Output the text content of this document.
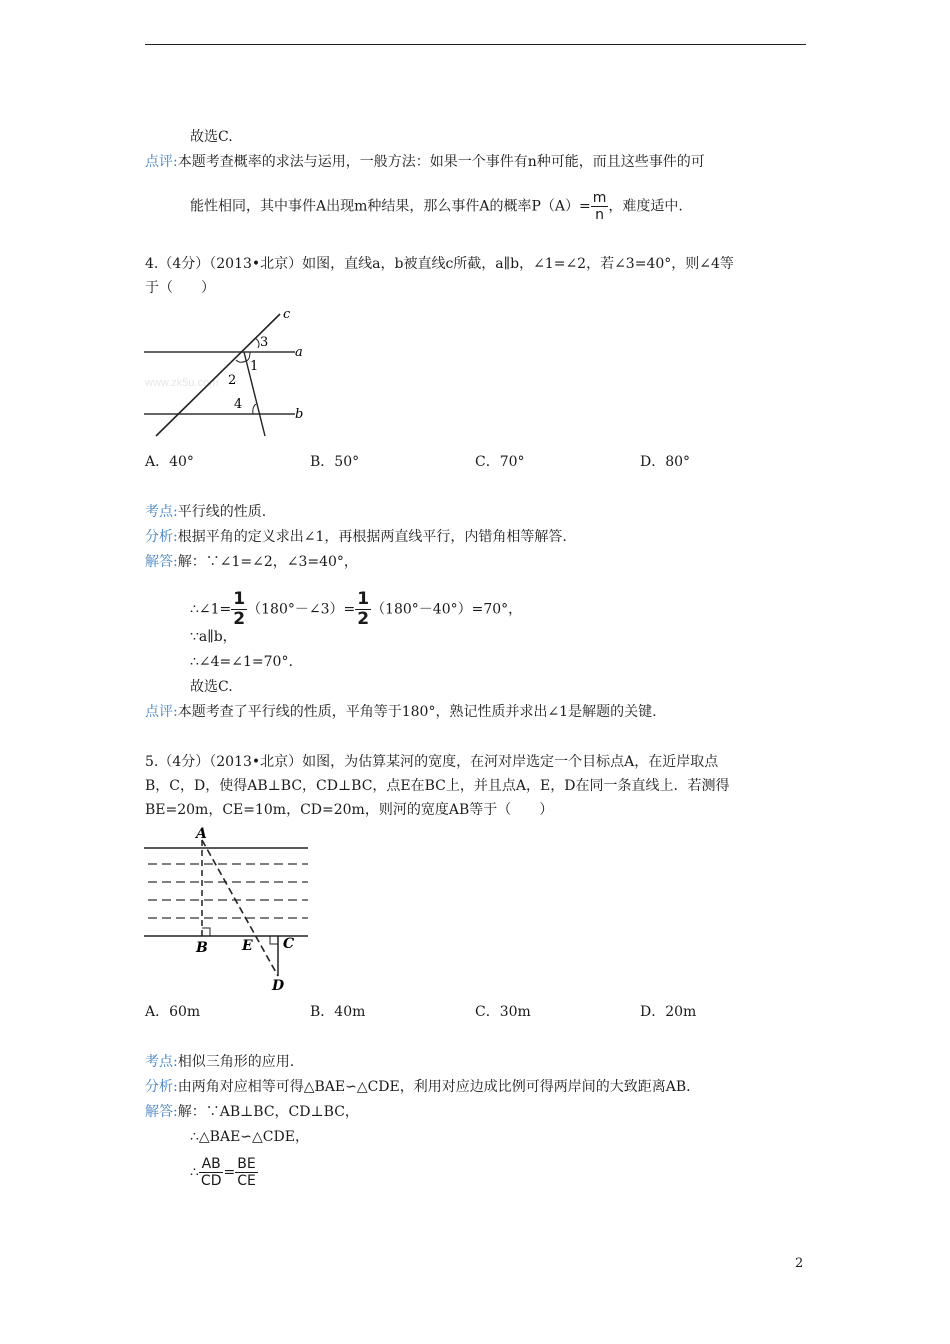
故选C.
点评:本题考查概率的求法与运用，一般方法：如果一个事件有n种可能，而且这些事件的可
能性相同，其中事件A出现m种结果，那么事件A的概率$P(A)= \frac{m}{n}$ ，难度适中.
4.（4分）（2013•北京）如图，直线a，b被直线c所截，a∥b，∠1=∠2，若∠3=40°，则∠4等
于（　　）
www.zk5u.com
c
a
b
3
1
2
4
A．40°	B．50°	C．70°	D．80°
考点:平行线的性质.
分析:根据平角的定义求出∠1，再根据两直线平行，内错角相等解答.
解答:解：∵∠1=∠2，∠3=40°，
∴∠1= $\frac{1}{2}$ （180°－∠3）= $\frac{1}{2} (180^\circ-40^\circ)=70^\circ$，
∵a∥b，
∴∠4=∠1=70°.
故选C.
点评:本题考查了平行线的性质，平角等于180°，熟记性质并求出∠1是解题的关键.
5.（4分）（2013•北京）如图，为估算某河的宽度，在河对岸选定一个目标点A，在近岸取点
B，C，D，使得AB⊥BC，CD⊥BC，点E在BC上，并且点A，E，D在同一条直线上．若测得
BE=20m，CE=10m，CD=20m，则河的宽度AB等于（　　）
A
B E C
D
A．60m	B．40m	C．30m	D．20m
考点:相似三角形的应用.
分析:由两角对应相等可得△BAE∽△CDE，利用对应边成比例可得两岸间的大致距离AB.
解答:解：∵AB⊥BC，CD⊥BC，
∴△BAE∽△CDE，
∴ $\frac{AB}{CD} = \frac{BE}{CE}$
2
